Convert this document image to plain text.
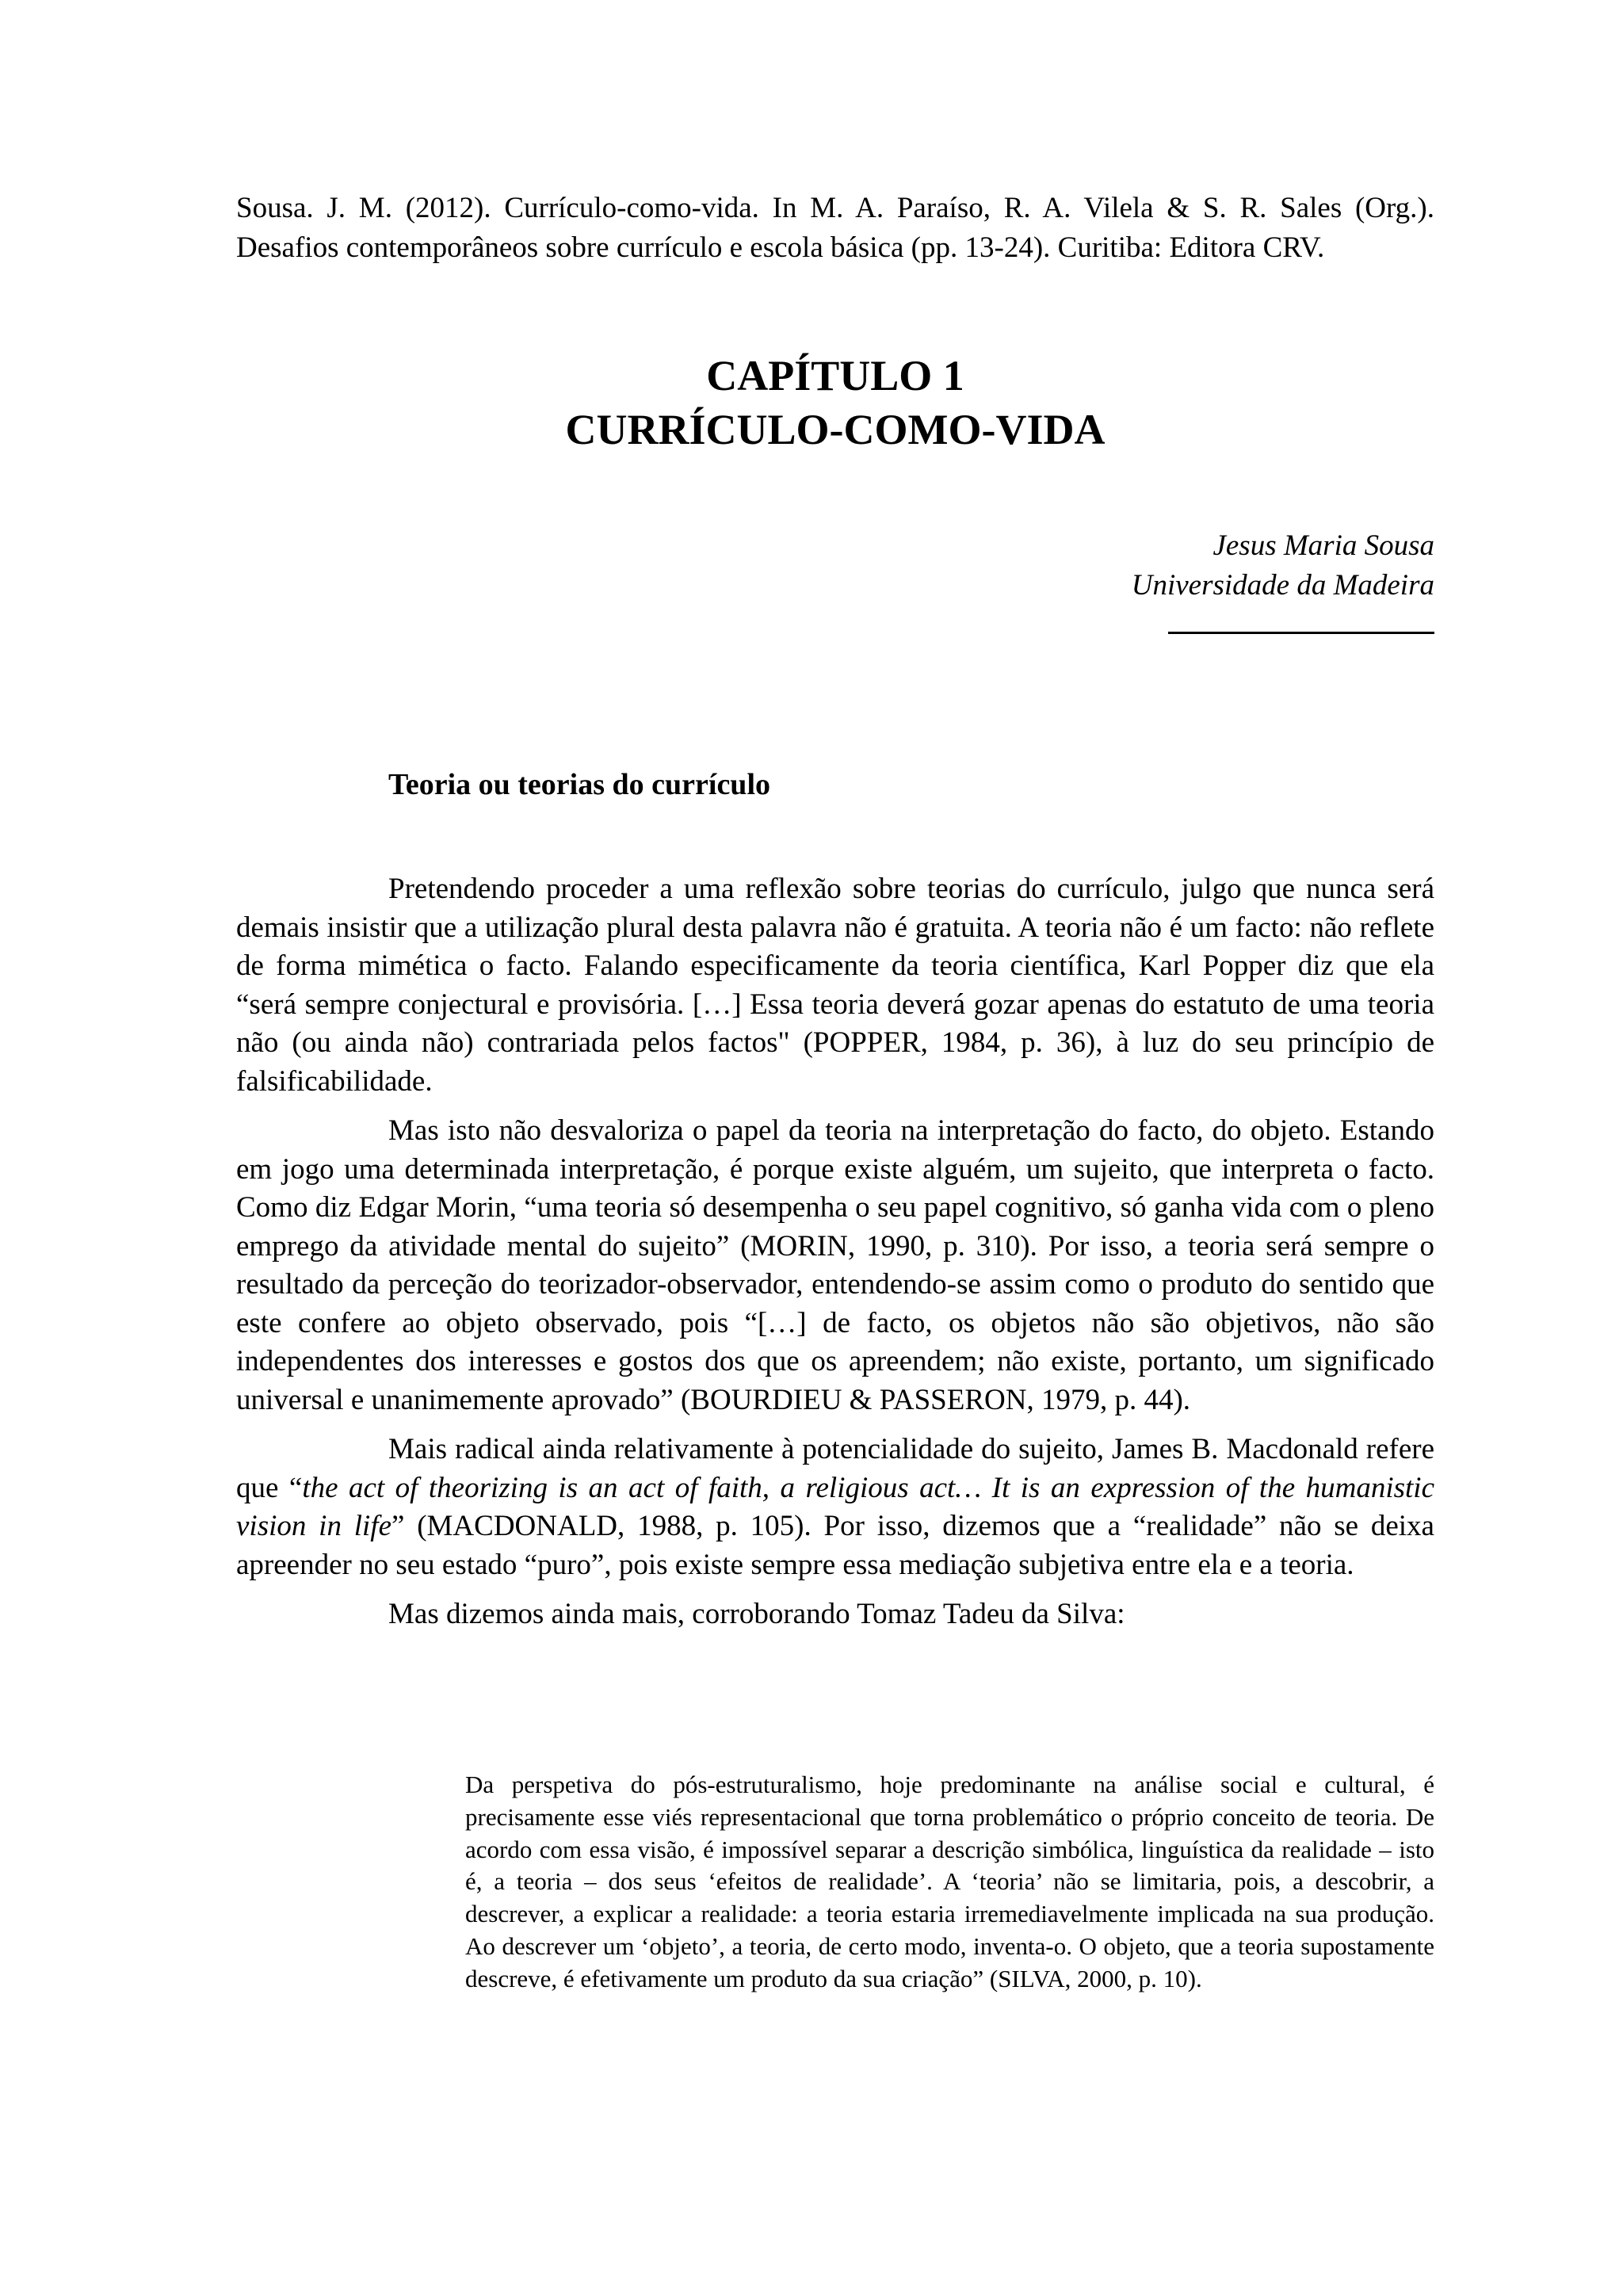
Sousa. J. M. (2012). Currículo-como-vida. In M. A. Paraíso, R. A. Vilela & S. R. Sales (Org.). Desafios contemporâneos sobre currículo e escola básica (pp. 13-24). Curitiba: Editora CRV.

CAPÍTULO 1
CURRÍCULO-COMO-VIDA
Jesus Maria Sousa
Universidade da Madeira
Teoria ou teorias do currículo

Pretendendo proceder a uma reflexão sobre teorias do currículo, julgo que nunca será demais insistir que a utilização plural desta palavra não é gratuita. A teoria não é um facto: não reflete de forma mimética o facto. Falando especificamente da teoria científica, Karl Popper diz que ela “será sempre conjectural e provisória. […] Essa teoria deverá gozar apenas do estatuto de uma teoria não (ou ainda não) contrariada pelos factos" (POPPER, 1984, p. 36), à luz do seu princípio de falsificabilidade.

Mas isto não desvaloriza o papel da teoria na interpretação do facto, do objeto. Estando em jogo uma determinada interpretação, é porque existe alguém, um sujeito, que interpreta o facto. Como diz Edgar Morin, “uma teoria só desempenha o seu papel cognitivo, só ganha vida com o pleno emprego da atividade mental do sujeito” (MORIN, 1990, p. 310). Por isso, a teoria será sempre o resultado da perceção do teorizador-observador, entendendo-se assim como o produto do sentido que este confere ao objeto observado, pois “[…] de facto, os objetos não são objetivos, não são independentes dos interesses e gostos dos que os apreendem; não existe, portanto, um significado universal e unanimemente aprovado” (BOURDIEU & PASSERON, 1979, p. 44).

Mais radical ainda relativamente à potencialidade do sujeito, James B. Macdonald refere que “the act of theorizing is an act of faith, a religious act… It is an expression of the humanistic vision in life” (MACDONALD, 1988, p. 105). Por isso, dizemos que a “realidade” não se deixa apreender no seu estado “puro”, pois existe sempre essa mediação subjetiva entre ela e a teoria.

Mas dizemos ainda mais, corroborando Tomaz Tadeu da Silva:

Da perspetiva do pós-estruturalismo, hoje predominante na análise social e cultural, é precisamente esse viés representacional que torna problemático o próprio conceito de teoria. De acordo com essa visão, é impossível separar a descrição simbólica, linguística da realidade – isto é, a teoria – dos seus ‘efeitos de realidade’. A ‘teoria’ não se limitaria, pois, a descobrir, a descrever, a explicar a realidade: a teoria estaria irremediavelmente implicada na sua produção. Ao descrever um ‘objeto’, a teoria, de certo modo, inventa-o. O objeto, que a teoria supostamente descreve, é efetivamente um produto da sua criação” (SILVA, 2000, p. 10).
